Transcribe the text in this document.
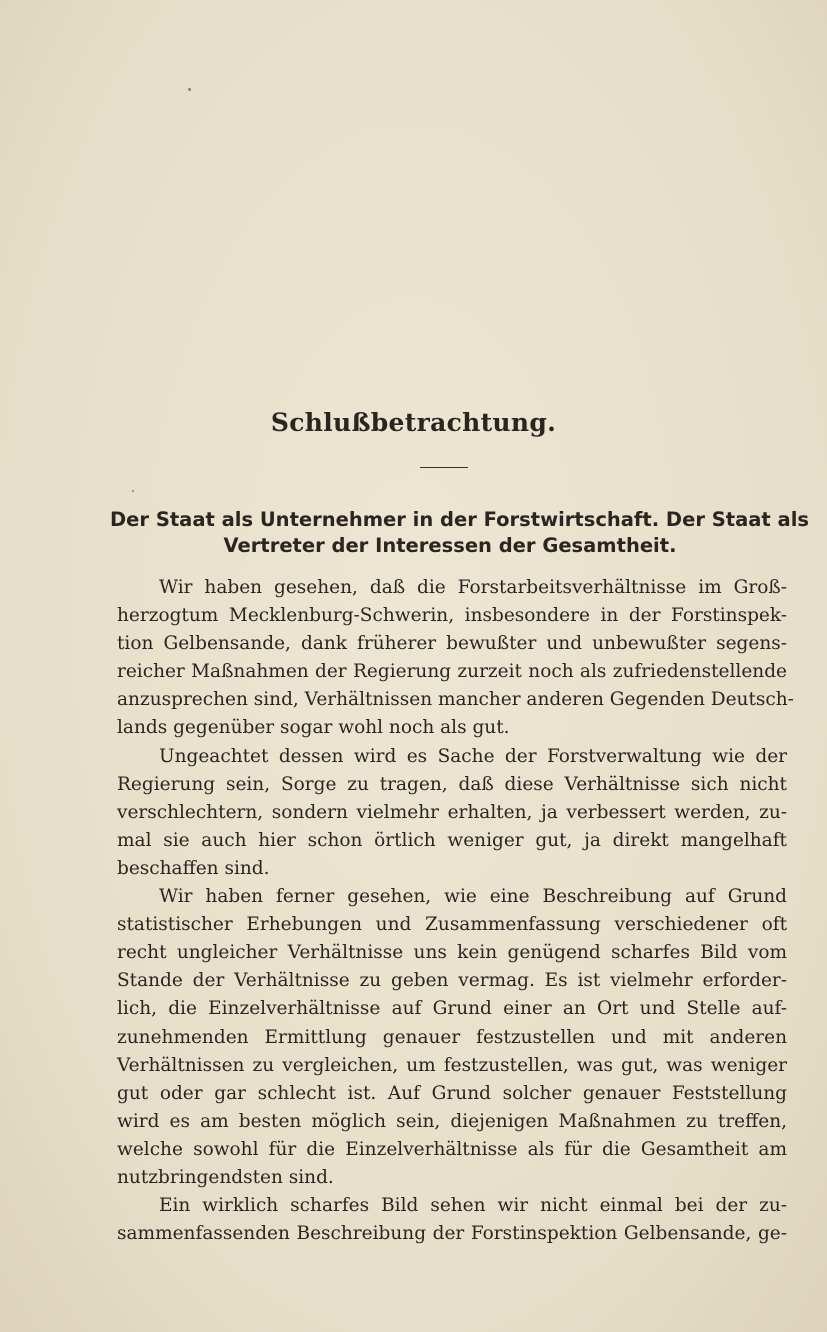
Schlußbetrachtung.
Der Staat als Unternehmer in der Forstwirtschaft. Der Staat als
Vertreter der Interessen der Gesamtheit.
Wir haben gesehen, daß die Forstarbeitsverhältnisse im Groß-
herzogtum Mecklenburg-Schwerin, insbesondere in der Forstinspek-
tion Gelbensande, dank früherer bewußter und unbewußter segens-
reicher Maßnahmen der Regierung zurzeit noch als zufriedenstellende
anzusprechen sind, Verhältnissen mancher anderen Gegenden Deutsch-
lands gegenüber sogar wohl noch als gut.
Ungeachtet dessen wird es Sache der Forstverwaltung wie der
Regierung sein, Sorge zu tragen, daß diese Verhältnisse sich nicht
verschlechtern, sondern vielmehr erhalten, ja verbessert werden, zu-
mal sie auch hier schon örtlich weniger gut, ja direkt mangelhaft
beschaffen sind.
Wir haben ferner gesehen, wie eine Beschreibung auf Grund
statistischer Erhebungen und Zusammenfassung verschiedener oft
recht ungleicher Verhältnisse uns kein genügend scharfes Bild vom
Stande der Verhältnisse zu geben vermag. Es ist vielmehr erforder-
lich, die Einzelverhältnisse auf Grund einer an Ort und Stelle auf-
zunehmenden Ermittlung genauer festzustellen und mit anderen
Verhältnissen zu vergleichen, um festzustellen, was gut, was weniger
gut oder gar schlecht ist. Auf Grund solcher genauer Feststellung
wird es am besten möglich sein, diejenigen Maßnahmen zu treffen,
welche sowohl für die Einzelverhältnisse als für die Gesamtheit am
nutzbringendsten sind.
Ein wirklich scharfes Bild sehen wir nicht einmal bei der zu-
sammenfassenden Beschreibung der Forstinspektion Gelbensande, ge-
